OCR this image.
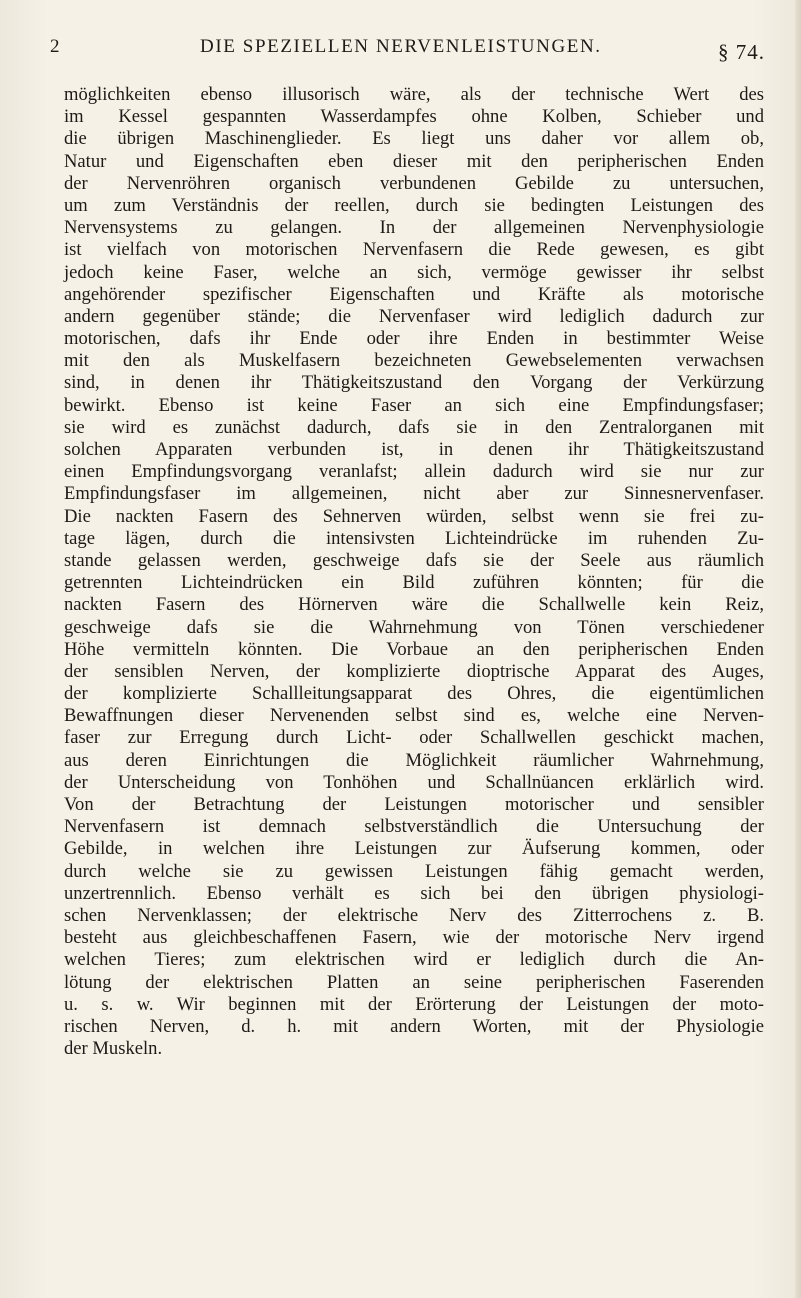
2	DIE SPEZIELLEN NERVENLEISTUNGEN.	§ 74.
möglichkeiten ebenso illusorisch wäre, als der technische Wert des
im Kessel gespannten Wasserdampfes ohne Kolben, Schieber und
die übrigen Maschinenglieder. Es liegt uns daher vor allem ob,
Natur und Eigenschaften eben dieser mit den peripherischen Enden
der Nervenröhren organisch verbundenen Gebilde zu untersuchen,
um zum Verständnis der reellen, durch sie bedingten Leistungen des
Nervensystems zu gelangen. In der allgemeinen Nervenphysiologie
ist vielfach von motorischen Nervenfasern die Rede gewesen, es gibt
jedoch keine Faser, welche an sich, vermöge gewisser ihr selbst
angehörender spezifischer Eigenschaften und Kräfte als motorische
andern gegenüber stände; die Nervenfaser wird lediglich dadurch zur
motorischen, dafs ihr Ende oder ihre Enden in bestimmter Weise
mit den als Muskelfasern bezeichneten Gewebselementen verwachsen
sind, in denen ihr Thätigkeitszustand den Vorgang der Verkürzung
bewirkt. Ebenso ist keine Faser an sich eine Empfindungsfaser;
sie wird es zunächst dadurch, dafs sie in den Zentralorganen mit
solchen Apparaten verbunden ist, in denen ihr Thätigkeitszustand
einen Empfindungsvorgang veranlafst; allein dadurch wird sie nur zur
Empfindungsfaser im allgemeinen, nicht aber zur Sinnesnervenfaser.
Die nackten Fasern des Sehnerven würden, selbst wenn sie frei zu-
tage lägen, durch die intensivsten Lichteindrücke im ruhenden Zu-
stande gelassen werden, geschweige dafs sie der Seele aus räumlich
getrennten Lichteindrücken ein Bild zuführen könnten; für die
nackten Fasern des Hörnerven wäre die Schallwelle kein Reiz,
geschweige dafs sie die Wahrnehmung von Tönen verschiedener
Höhe vermitteln könnten. Die Vorbaue an den peripherischen Enden
der sensiblen Nerven, der komplizierte dioptrische Apparat des Auges,
der komplizierte Schallleitungsapparat des Ohres, die eigentümlichen
Bewaffnungen dieser Nervenenden selbst sind es, welche eine Nerven-
faser zur Erregung durch Licht- oder Schallwellen geschickt machen,
aus deren Einrichtungen die Möglichkeit räumlicher Wahrnehmung,
der Unterscheidung von Tonhöhen und Schallnüancen erklärlich wird.
Von der Betrachtung der Leistungen motorischer und sensibler
Nervenfasern ist demnach selbstverständlich die Untersuchung der
Gebilde, in welchen ihre Leistungen zur Äufserung kommen, oder
durch welche sie zu gewissen Leistungen fähig gemacht werden,
unzertrennlich. Ebenso verhält es sich bei den übrigen physiologi-
schen Nervenklassen; der elektrische Nerv des Zitterrochens z. B.
besteht aus gleichbeschaffenen Fasern, wie der motorische Nerv irgend
welchen Tieres; zum elektrischen wird er lediglich durch die An-
lötung der elektrischen Platten an seine peripherischen Faserenden
u. s. w. Wir beginnen mit der Erörterung der Leistungen der moto-
rischen Nerven, d. h. mit andern Worten, mit der Physiologie
der Muskeln.
